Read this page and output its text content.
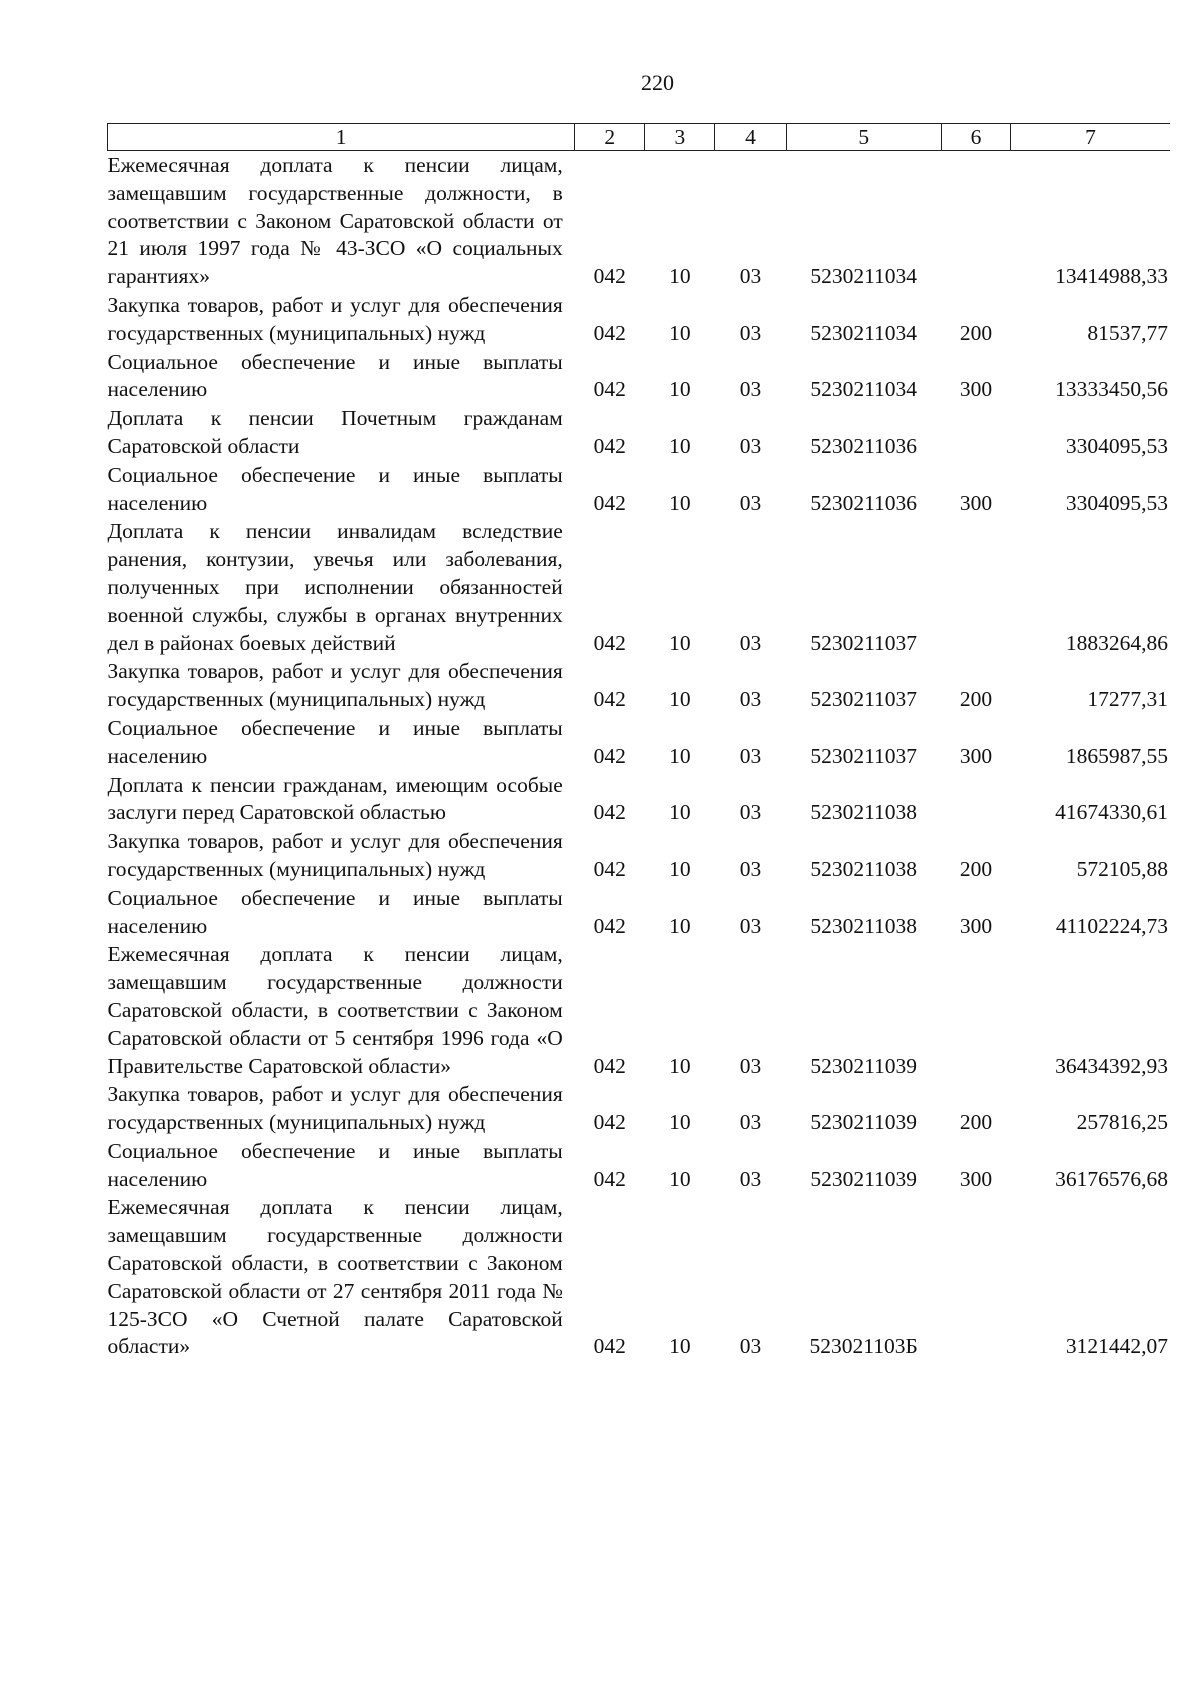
220
1	2	3	4	5	6	7
Ежемесячная доплата к пенсии лицам, замещавшим государственные должности, в соответствии с Законом Саратовской области от 21 июля 1997 года № 43-ЗСО «О социальных гарантиях»	042	10	03	5230211034		13414988,33
Закупка товаров, работ и услуг для обеспечения государственных (муниципальных) нужд	042	10	03	5230211034	200	81537,77
Социальное обеспечение и иные выплаты населению	042	10	03	5230211034	300	13333450,56
Доплата к пенсии Почетным гражданам Саратовской области	042	10	03	5230211036		3304095,53
Социальное обеспечение и иные выплаты населению	042	10	03	5230211036	300	3304095,53
Доплата к пенсии инвалидам вследствие ранения, контузии, увечья или заболевания, полученных при исполнении обязанностей военной службы, службы в органах внутренних дел в районах боевых действий	042	10	03	5230211037		1883264,86
Закупка товаров, работ и услуг для обеспечения государственных (муниципальных) нужд	042	10	03	5230211037	200	17277,31
Социальное обеспечение и иные выплаты населению	042	10	03	5230211037	300	1865987,55
Доплата к пенсии гражданам, имеющим особые заслуги перед Саратовской областью	042	10	03	5230211038		41674330,61
Закупка товаров, работ и услуг для обеспечения государственных (муниципальных) нужд	042	10	03	5230211038	200	572105,88
Социальное обеспечение и иные выплаты населению	042	10	03	5230211038	300	41102224,73
Ежемесячная доплата к пенсии лицам, замещавшим государственные должности Саратовской области, в соответствии с Законом Саратовской области от 5 сентября 1996 года «О Правительстве Саратовской области»	042	10	03	5230211039		36434392,93
Закупка товаров, работ и услуг для обеспечения государственных (муниципальных) нужд	042	10	03	5230211039	200	257816,25
Социальное обеспечение и иные выплаты населению	042	10	03	5230211039	300	36176576,68
Ежемесячная доплата к пенсии лицам, замещавшим государственные должности Саратовской области, в соответствии с Законом Саратовской области от 27 сентября 2011 года № 125-ЗСО «О Счетной палате Саратовской области»	042	10	03	523021103Б		3121442,07
